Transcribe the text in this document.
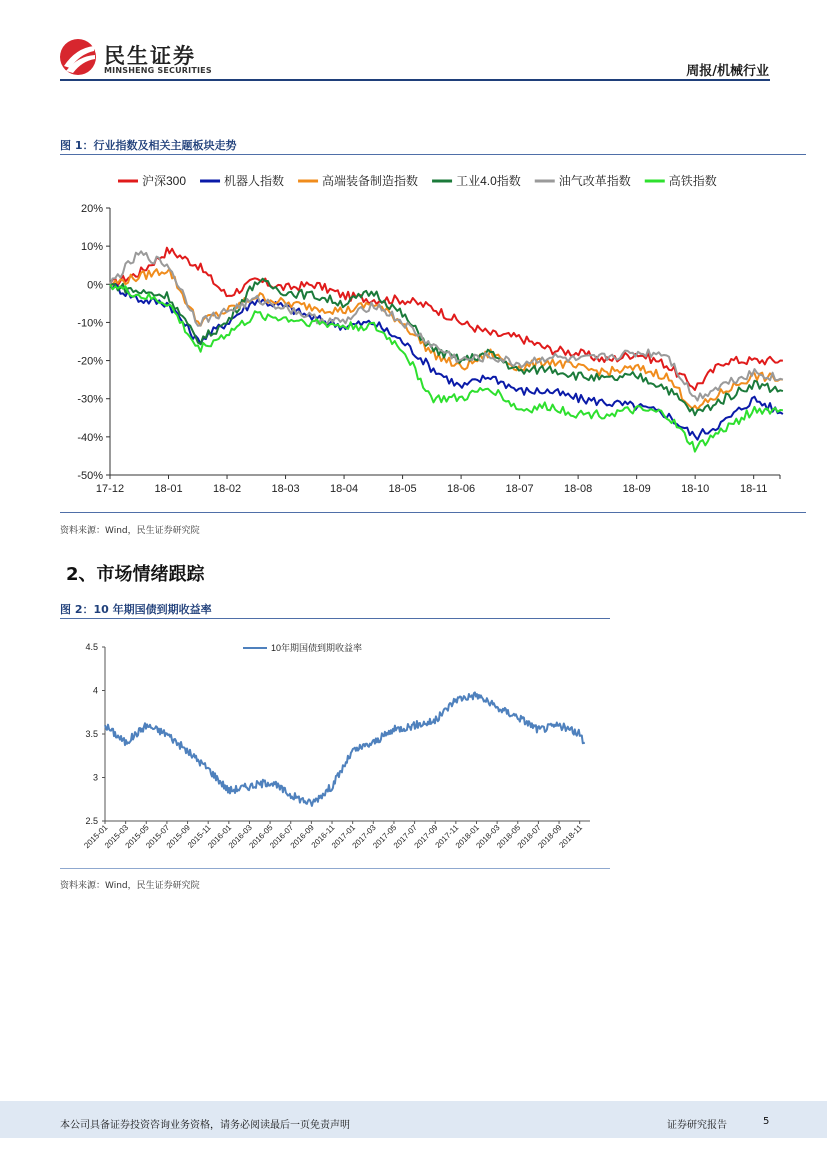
民生证券
MINSHENG SECURITIES	周报/机械行业
图 1：行业指数及相关主题板块走势
沪深300	机器人指数	高端装备制造指数	工业4.0指数	油气改革指数	高铁指数
20%
10%
0%
-10%
-20%
-30%
-40%
-50%
17-12	18-01	18-02	18-03	18-04	18-05	18-06	18-07	18-08	18-09	18-10	18-11
资料来源：Wind，民生证券研究院
2、市场情绪跟踪
图 2：10 年期国债到期收益率
10年期国债到期收益率
4.5
4
3.5
3
2.5
2015-01
2015-03
2015-05
2015-07
2015-09
2015-11
2016-01
2016-03
2016-05
2016-07
2016-09
2016-11
2017-01
2017-03
2017-05
2017-07
2017-09
2017-11
2018-01
2018-03
2018-05
2018-07
2018-09
2018-11
资料来源：Wind，民生证券研究院
本公司具备证券投资咨询业务资格，请务必阅读最后一页免责声明	证券研究报告	5
